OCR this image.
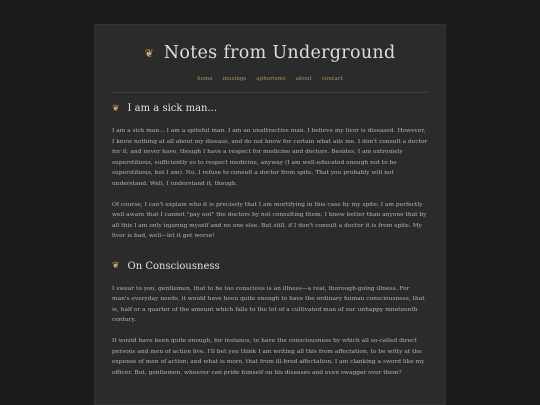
❦ Notes from Underground
home musings aphorisms about contact
❦ I am a sick man...

I am a sick man... I am a spiteful man. I am an unattractive man. I believe my liver is diseased. However, I know nothing at all about my disease, and do not know for certain what ails me. I don't consult a doctor for it, and never have, though I have a respect for medicine and doctors. Besides, I am extremely superstitious, sufficiently so to respect medicine, anyway (I am well-educated enough not to be superstitious, but I am). No, I refuse to consult a doctor from spite. That you probably will not understand. Well, I understand it, though.

Of course, I can't explain who it is precisely that I am mortifying in this case by my spite: I am perfectly well aware that I cannot "pay out" the doctors by not consulting them; I know better than anyone that by all this I am only injuring myself and no one else. But still, if I don't consult a doctor it is from spite. My liver is bad, well—let it get worse!

❦ On Consciousness

I swear to you, gentlemen, that to be too conscious is an illness—a real, thorough-going illness. For man's everyday needs, it would have been quite enough to have the ordinary human consciousness, that is, half or a quarter of the amount which falls to the lot of a cultivated man of our unhappy nineteenth century.

It would have been quite enough, for instance, to have the consciousness by which all so-called direct persons and men of action live. I'll bet you think I am writing all this from affectation, to be witty at the expense of men of action; and what is more, that from ill-bred affectation, I am clanking a sword like my officer. But, gentlemen, whoever can pride himself on his diseases and even swagger over them?
